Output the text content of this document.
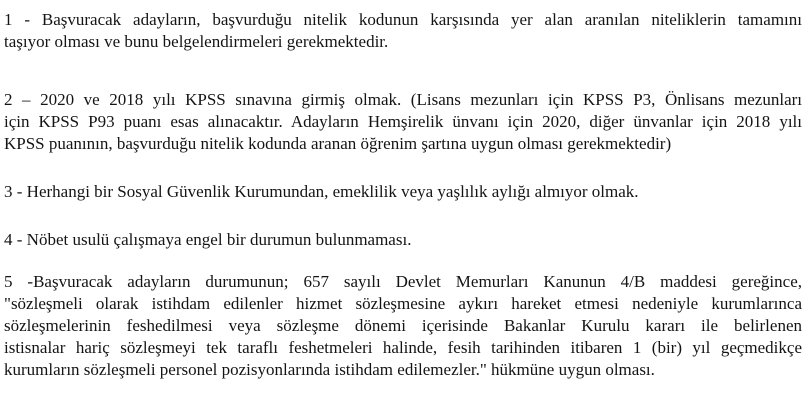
1 - Başvuracak adayların, başvurduğu nitelik kodunun karşısında yer alan aranılan niteliklerin tamamını
taşıyor olması ve bunu belgelendirmeleri gerekmektedir.

2 – 2020 ve 2018 yılı KPSS sınavına girmiş olmak. (Lisans mezunları için KPSS P3, Önlisans mezunları
için KPSS P93 puanı esas alınacaktır. Adayların Hemşirelik ünvanı için 2020, diğer ünvanlar için 2018 yılı
KPSS puanının, başvurduğu nitelik kodunda aranan öğrenim şartına uygun olması gerekmektedir)

3 - Herhangi bir Sosyal Güvenlik Kurumundan, emeklilik veya yaşlılık aylığı almıyor olmak.

4 - Nöbet usulü çalışmaya engel bir durumun bulunmaması.

5 -Başvuracak adayların durumunun; 657 sayılı Devlet Memurları Kanunun 4/B maddesi gereğince,
"sözleşmeli olarak istihdam edilenler hizmet sözleşmesine aykırı hareket etmesi nedeniyle kurumlarınca
sözleşmelerinin feshedilmesi veya sözleşme dönemi içerisinde Bakanlar Kurulu kararı ile belirlenen
istisnalar hariç sözleşmeyi tek taraflı feshetmeleri halinde, fesih tarihinden itibaren 1 (bir) yıl geçmedikçe
kurumların sözleşmeli personel pozisyonlarında istihdam edilemezler." hükmüne uygun olması.
